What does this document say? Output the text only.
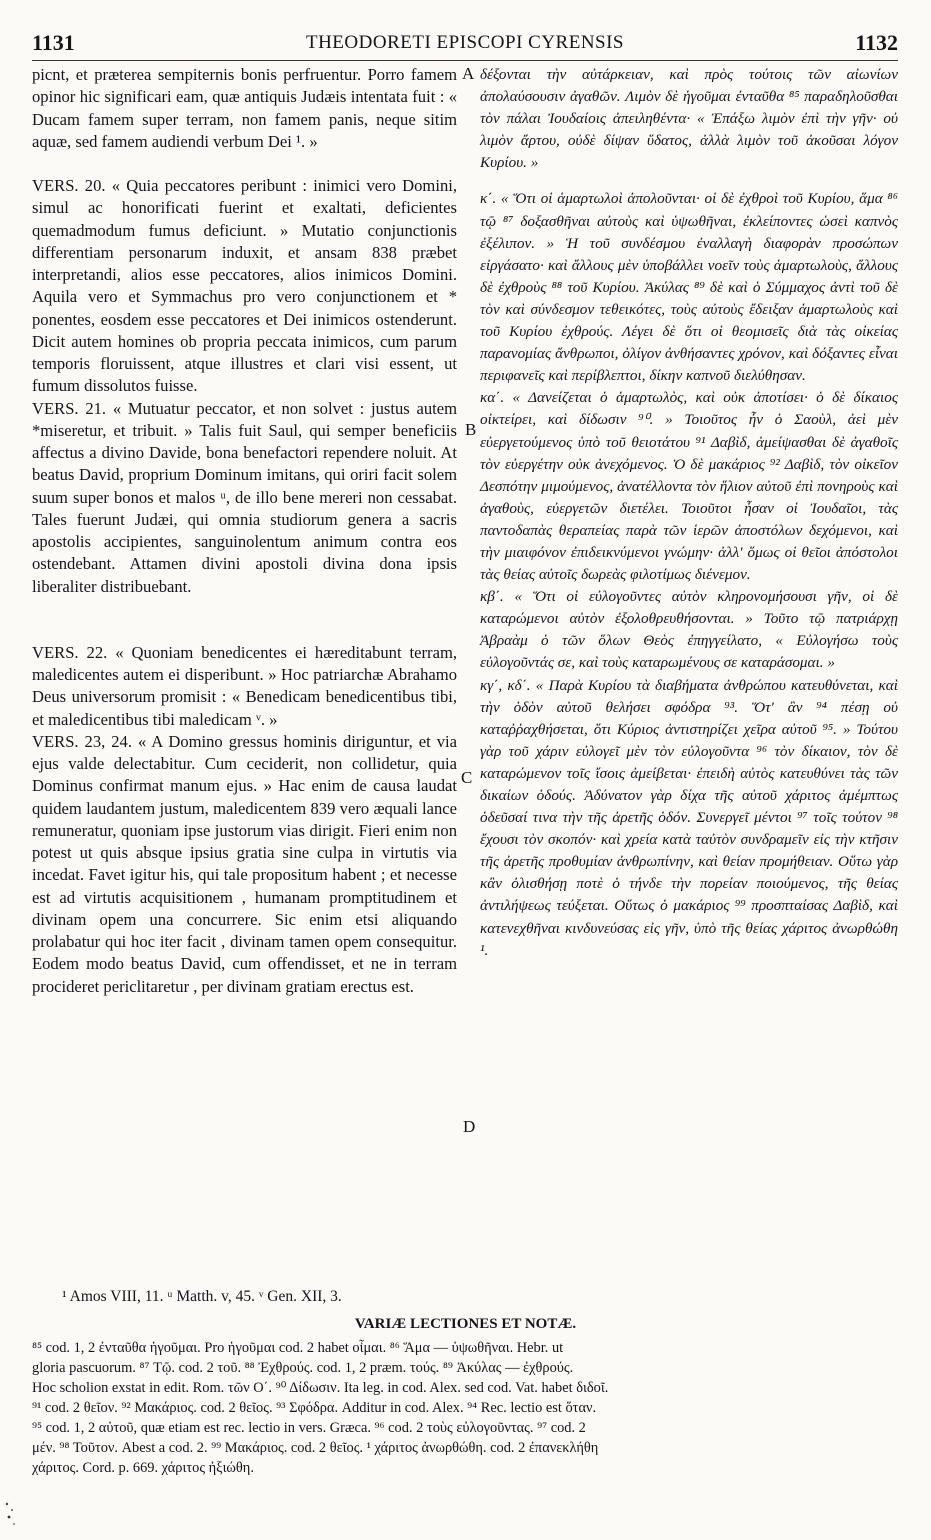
1131	THEODORETI EPISCOPI CYRENSIS	1132

picnt, et prætereа sempiternis bonis perfruentur. Porro famem opinor hic significari eam, quæ antiquis Judæis intentata fuit : « Ducam famem super terram, non famem panis, neque sitim aquæ, sed famem audiendi verbum Dei ¹. »

VERS. 20. « Quia peccatores peribunt : inimici vero Domini, simul ac honorificati fuerint et exaltati, deficientes quemadmodum fumus deficiunt. » Mutatio conjunctionis differentiam personarum induxit, et ansam 838 præbet interpretandi, alios esse peccatores, alios inimicos Domini. Aquila vero et Symmachus pro vero conjunctionem et * ponentes, eosdem esse peccatores et Dei inimicos ostenderunt. Dicit autem homines ob propria peccata inimicos, cum parum temporis floruissent, atque illustres et clari visi essent, ut fumum dissolutos fuisse.

VERS. 21. « Mutuatur peccator, et non solvet : justus autem *miseretur, et tribuit. » Talis fuit Saul, qui semper beneficiis affectus a divino Davide, bona benefactori rependere noluit. At beatus David, proprium Dominum imitans, qui oriri facit solem suum super bonos et malos ᵘ, de illo bene mereri non cessabat. Tales fuerunt Judæi, qui omnia studiorum genera a sacris apostolis accipientes, sanguinolentum animum contra eos ostendebant. Attamen divini apostoli divina dona ipsis liberaliter distribuebant.

VERS. 22. « Quoniam benedicentes ei hæreditabunt terram, maledicentes autem ei disperibunt. » Hoc patriarchæ Abrahamo Deus universorum promisit : « Benedicam benedicentibus tibi, et maledicentibus tibi maledicam ᵛ. »

VERS. 23, 24. « A Domino gressus hominis diriguntur, et via ejus valde delectabitur. Cum ceciderit, non collidetur, quia Dominus confirmat manum ejus. » Hac enim de causa laudat quidem laudantem justum, maledicentem 839 vero æquali lance remuneratur, quoniam ipse justorum vias dirigit. Fieri enim non potest ut quis absque ipsius gratia sine culpa in virtutis via incedat. Favet igitur his, qui tale propositum habent ; et necesse est ad virtutis acquisitionem , humanam promptitudinem et divinam opem una concurrere. Sic enim etsi aliquando prolabatur qui hoc iter facit , divinam tamen opem consequitur. Eodem modo beatus David, cum offendisset, et ne in terram procideret periclitaretur , per divinam gratiam erectus est.

δέξονται τὴν αὐτάρκειαν, καὶ πρὸς τούτοις τῶν αἰωνίων ἀπολαύσουσιν ἀγαθῶν. Λιμὸν δὲ ἡγοῦμαι ἐνταῦθα ⁸⁵ παραδηλοῦσθαι τὸν πάλαι Ἰουδαίοις ἀπειληθέντα· « Ἐπάξω λιμὸν ἐπὶ τὴν γῆν· οὐ λιμὸν ἄρτου, οὐδὲ δίψαν ὕδατος, ἀλλὰ λιμὸν τοῦ ἀκοῦσαι λόγον Κυρίου. »

κ΄. « Ὅτι οἱ ἁμαρτωλοὶ ἀπολοῦνται· οἱ δὲ ἐχθροὶ τοῦ Κυρίου, ἅμα ⁸⁶ τῷ ⁸⁷ δοξασθῆναι αὐτοὺς καὶ ὑψωθῆναι, ἐκλείποντες ὡσεὶ καπνὸς ἐξέλιπον. » Ἡ τοῦ συνδέσμου ἐναλλαγὴ διαφορὰν προσώπων εἰργάσατο· καὶ ἄλλους μὲν ὑποβάλλει νοεῖν τοὺς ἁμαρτωλοὺς, ἄλλους δὲ ἐχθροὺς ⁸⁸ τοῦ Κυρίου. Ἀκύλας ⁸⁹ δὲ καὶ ὁ Σύμμαχος ἀντὶ τοῦ δὲ τὸν καὶ σύνδεσμον τεθεικότες, τοὺς αὐτοὺς ἔδειξαν ἁμαρτωλοὺς καὶ τοῦ Κυρίου ἐχθρούς. Λέγει δὲ ὅτι οἱ θεομισεῖς διὰ τὰς οἰκείας παρανομίας ἄνθρωποι, ὀλίγον ἀνθήσαντες χρόνον, καὶ δόξαντες εἶναι περιφανεῖς καὶ περίβλεπτοι, δίκην καπνοῦ διελύθησαν.

κα΄. « Δανείζεται ὁ ἁμαρτωλὸς, καὶ οὐκ ἀποτίσει· ὁ δὲ δίκαιος οἰκτείρει, καὶ δίδωσιν ⁹⁰. » Τοιοῦτος ἦν ὁ Σαοὺλ, ἀεὶ μὲν εὐεργετούμενος ὑπὸ τοῦ θειοτάτου ⁹¹ Δαβὶδ, ἀμείψασθαι δὲ ἀγαθοῖς τὸν εὐεργέτην οὐκ ἀνεχόμενος. Ὁ δὲ μακάριος ⁹² Δαβὶδ, τὸν οἰκεῖον Δεσπότην μιμούμενος, ἀνατέλλοντα τὸν ἥλιον αὐτοῦ ἐπὶ πονηροὺς καὶ ἀγαθοὺς, εὐεργετῶν διετέλει. Τοιοῦτοι ἦσαν οἱ Ἰουδαῖοι, τὰς παντοδαπὰς θεραπείας παρὰ τῶν ἱερῶν ἀποστόλων δεχόμενοι, καὶ τὴν μιαιφόνον ἐπιδεικνύμενοι γνώμην· ἀλλ' ὅμως οἱ θεῖοι ἀπόστολοι τὰς θείας αὐτοῖς δωρεὰς φιλοτίμως διένεμον.

κβ΄. « Ὅτι οἱ εὐλογοῦντες αὐτὸν κληρονομήσουσι γῆν, οἱ δὲ καταρώμενοι αὐτὸν ἐξολοθρευθήσονται. » Τοῦτο τῷ πατριάρχῃ Ἀβραὰμ ὁ τῶν ὅλων Θεὸς ἐπηγγείλατο, « Εὐλογήσω τοὺς εὐλογοῦντάς σε, καὶ τοὺς καταρωμένους σε καταράσομαι. »

κγ΄, κδ΄. « Παρὰ Κυρίου τὰ διαβήματα ἀνθρώπου κατευθύνεται, καὶ τὴν ὁδὸν αὐτοῦ θελήσει σφόδρα ⁹³. Ὅτ' ἂν ⁹⁴ πέσῃ οὐ καταῤῥαχθήσεται, ὅτι Κύριος ἀντιστηρίζει χεῖρα αὐτοῦ ⁹⁵. » Τούτου γὰρ τοῦ χάριν εὐλογεῖ μὲν τὸν εὐλογοῦντα ⁹⁶ τὸν δίκαιον, τὸν δὲ καταρώμενον τοῖς ἴσοις ἀμείβεται· ἐπειδὴ αὐτὸς κατευθύνει τὰς τῶν δικαίων ὁδούς. Ἀδύνατον γὰρ δίχα τῆς αὐτοῦ χάριτος ἀμέμπτως ὁδεῦσαί τινα τὴν τῆς ἀρετῆς ὁδόν. Συνεργεῖ μέντοι ⁹⁷ τοῖς τούτον ⁹⁸ ἔχουσι τὸν σκοπόν· καὶ χρεία κατὰ ταὐτὸν συνδραμεῖν εἰς τὴν κτῆσιν τῆς ἀρετῆς προθυμίαν ἀνθρωπίνην, καὶ θείαν προμήθειαν. Οὕτω γὰρ κἂν ὀλισθήσῃ ποτὲ ὁ τήνδε τὴν πορείαν ποιούμενος, τῆς θείας ἀντιλήψεως τεύξεται. Οὕτως ὁ μακάριος ⁹⁹ προσπταίσας Δαβὶδ, καὶ κατενεχθῆναι κινδυνεύσας εἰς γῆν, ὑπὸ τῆς θείας χάριτος ἀνωρθώθη ¹.

A
B
C
D
¹ Amos VIII, 11. ᵘ Matth. v, 45. ᵛ Gen. XII, 3.
VARIÆ LECTIONES ET NOTÆ.
⁸⁵ cod. 1, 2 ἐνταῦθα ἡγοῦμαι. Pro ἡγοῦμαι cod. 2 habet οἶμαι. ⁸⁶ Ἅμα — ὑψωθῆναι. Hebr. ut
gloria pascuorum. ⁸⁷ Τῷ. cod. 2 τοῦ. ⁸⁸ Ἐχθρούς. cod. 1, 2 præm. τούς. ⁸⁹ Ἀκύλας — ἐχθρούς.
Hoc scholion exstat in edit. Rom. τῶν Ο΄. ⁹⁰ Δίδωσιν. Ita leg. in cod. Alex. sed cod. Vat. habet διδοῖ.
⁹¹ cod. 2 θεῖον. ⁹² Μακάριος. cod. 2 θεῖος. ⁹³ Σφόδρα. Additur in cod. Alex. ⁹⁴ Rec. lectio est ὅταν.
⁹⁵ cod. 1, 2 αὐτοῦ, quæ etiam est rec. lectio in vers. Græca. ⁹⁶ cod. 2 τοὺς εὐλογοῦντας. ⁹⁷ cod. 2
μέν. ⁹⁸ Τοῦτον. Abest a cod. 2. ⁹⁹ Μακάριος. cod. 2 θεῖος. ¹ χάριτος ἀνωρθώθη. cod. 2 ἐπανεκλήθη
χάριτος. Cord. p. 669. χάριτος ἠξιώθη.
